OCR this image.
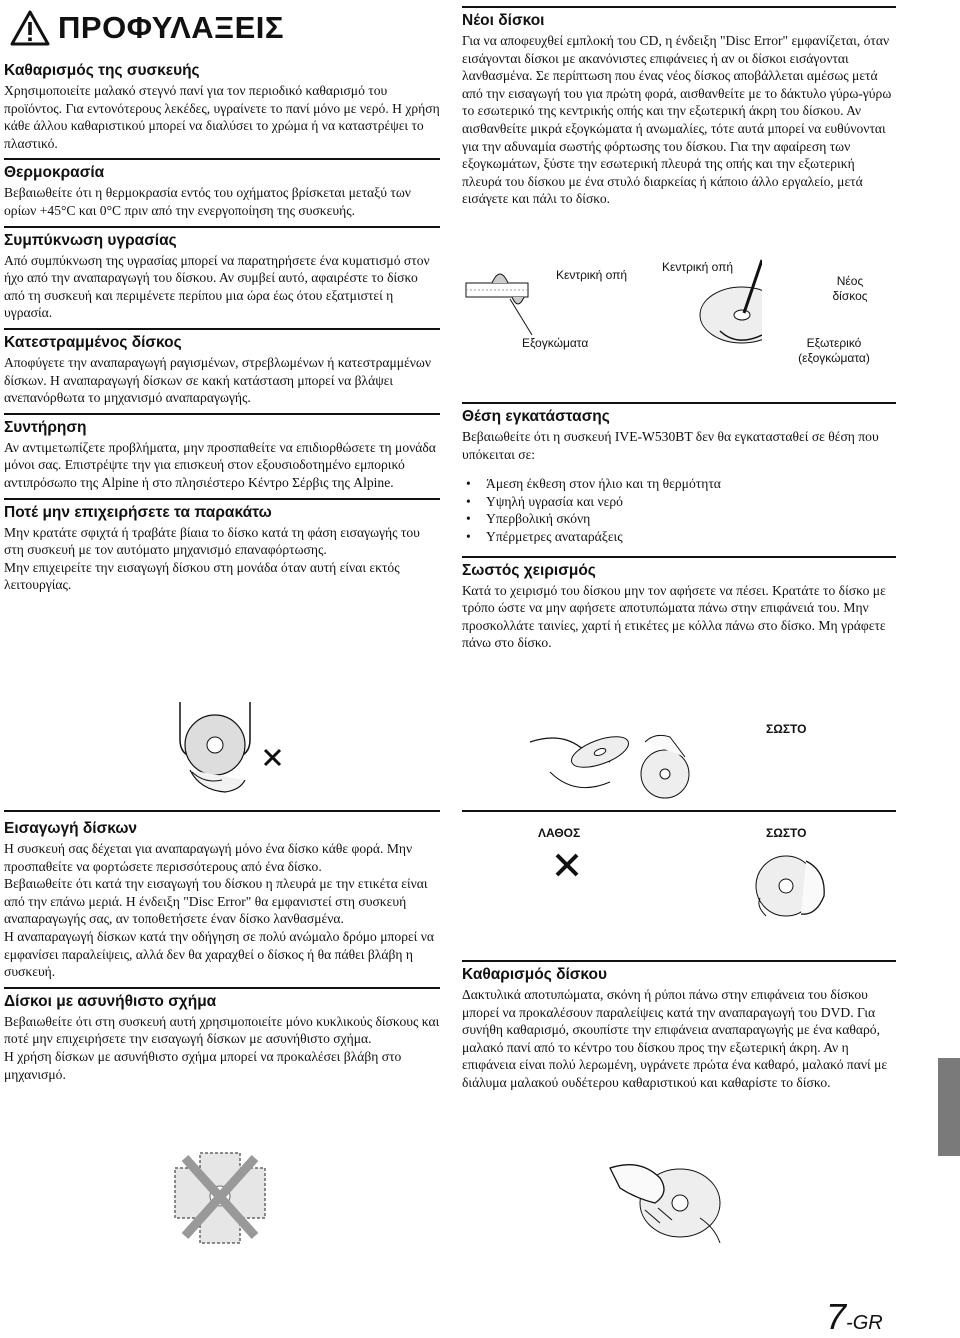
ΠΡΟΦΥΛΑΞΕΙΣ
Καθαρισμός της συσκευής

Χρησιμοποιείτε μαλακό στεγνό πανί για τον περιοδικό καθαρισμό του προϊόντος. Για εντονότερους λεκέδες, υγραίνετε το πανί μόνο με νερό. Η χρήση κάθε άλλου καθαριστικού μπορεί να διαλύσει το χρώμα ή να καταστρέψει το πλαστικό.

Θερμοκρασία

Βεβαιωθείτε ότι η θερμοκρασία εντός του οχήματος βρίσκεται μεταξύ των ορίων +45°C και 0°C πριν από την ενεργοποίηση της συσκευής.

Συμπύκνωση υγρασίας

Από συμπύκνωση της υγρασίας μπορεί να παρατηρήσετε ένα κυματισμό στον ήχο από την αναπαραγωγή του δίσκου. Αν συμβεί αυτό, αφαιρέστε το δίσκο από τη συσκευή και περιμένετε περίπου μια ώρα έως ότου εξατμιστεί η υγρασία.

Κατεστραμμένος δίσκος

Αποφύγετε την αναπαραγωγή ραγισμένων, στρεβλωμένων ή κατεστραμμένων δίσκων. Η αναπαραγωγή δίσκων σε κακή κατάσταση μπορεί να βλάψει ανεπανόρθωτα το μηχανισμό αναπαραγωγής.

Συντήρηση

Αν αντιμετωπίζετε προβλήματα, μην προσπαθείτε να επιδιορθώσετε τη μονάδα μόνοι σας. Επιστρέψτε την για επισκευή στον εξουσιοδοτημένο εμπορικό αντιπρόσωπο της Alpine ή στο πλησιέστερο Κέντρο Σέρβις της Alpine.

Ποτέ μην επιχειρήσετε τα παρακάτω

Μην κρατάτε σφιχτά ή τραβάτε βίαια το δίσκο κατά τη φάση εισαγωγής του στη συσκευή με τον αυτόματο μηχανισμό επαναφόρτωσης.

Μην επιχειρείτε την εισαγωγή δίσκου στη μονάδα όταν αυτή είναι εκτός λειτουργίας.

Εισαγωγή δίσκων

Η συσκευή σας δέχεται για αναπαραγωγή μόνο ένα δίσκο κάθε φορά. Μην προσπαθείτε να φορτώσετε περισσότερους από ένα δίσκο.

Βεβαιωθείτε ότι κατά την εισαγωγή του δίσκου η πλευρά με την ετικέτα είναι από την επάνω μεριά. Η ένδειξη "Disc Error" θα εμφανιστεί στη συσκευή αναπαραγωγής σας, αν τοποθετήσετε έναν δίσκο λανθασμένα.

Η αναπαραγωγή δίσκων κατά την οδήγηση σε πολύ ανώμαλο δρόμο μπορεί να εμφανίσει παραλείψεις, αλλά δεν θα χαραχθεί ο δίσκος ή θα πάθει βλάβη η συσκευή.

Δίσκοι με ασυνήθιστο σχήμα

Βεβαιωθείτε ότι στη συσκευή αυτή χρησιμοποιείτε μόνο κυκλικούς δίσκους και ποτέ μην επιχειρήσετε την εισαγωγή δίσκων με ασυνήθιστο σχήμα.

Η χρήση δίσκων με ασυνήθιστο σχήμα μπορεί να προκαλέσει βλάβη στο μηχανισμό.

Νέοι δίσκοι

Για να αποφευχθεί εμπλοκή του CD, η ένδειξη "Disc Error" εμφανίζεται, όταν εισάγονται δίσκοι με ακανόνιστες επιφάνειες ή αν οι δίσκοι εισάγονται λανθασμένα. Σε περίπτωση που ένας νέος δίσκος αποβάλλεται αμέσως μετά από την εισαγωγή του για πρώτη φορά, αισθανθείτε με το δάκτυλο γύρω-γύρω το εσωτερικό της κεντρικής οπής και την εξωτερική άκρη του δίσκου. Αν αισθανθείτε μικρά εξογκώματα ή ανωμαλίες, τότε αυτά μπορεί να ευθύνονται για την αδυναμία σωστής φόρτωσης του δίσκου. Για την αφαίρεση των εξογκωμάτων, ξύστε την εσωτερική πλευρά της οπής και την εξωτερική πλευρά του δίσκου με ένα στυλό διαρκείας ή κάποιο άλλο εργαλείο, μετά εισάγετε και πάλι το δίσκο.

Κεντρική οπή
Κεντρική οπή
Νέος δίσκος
Εξογκώματα	Εξωτερικό (εξογκώματα)
Θέση εγκατάστασης

Βεβαιωθείτε ότι η συσκευή IVE-W530BT δεν θα εγκατασταθεί σε θέση που υπόκειται σε:

• Άμεση έκθεση στον ήλιο και τη θερμότητα
• Υψηλή υγρασία και νερό
• Υπερβολική σκόνη
• Υπέρμετρες αναταράξεις
Σωστός χειρισμός

Κατά το χειρισμό του δίσκου μην τον αφήσετε να πέσει. Κρατάτε το δίσκο με τρόπο ώστε να μην αφήσετε αποτυπώματα πάνω στην επιφάνειά του. Μην προσκολλάτε ταινίες, χαρτί ή ετικέτες με κόλλα πάνω στο δίσκο. Μη γράφετε πάνω στο δίσκο.

ΣΩΣΤΟ
ΛΑΘΟΣ	ΣΩΣΤΟ
Καθαρισμός δίσκου

Δακτυλικά αποτυπώματα, σκόνη ή ρύποι πάνω στην επιφάνεια του δίσκου μπορεί να προκαλέσουν παραλείψεις κατά την αναπαραγωγή του DVD. Για συνήθη καθαρισμό, σκουπίστε την επιφάνεια αναπαραγωγής με ένα καθαρό, μαλακό πανί από το κέντρο του δίσκου προς την εξωτερική άκρη. Αν η επιφάνεια είναι πολύ λερωμένη, υγράνετε πρώτα ένα καθαρό, μαλακό πανί με διάλυμα μαλακού ουδέτερου καθαριστικού και καθαρίστε το δίσκο.

7-GR
